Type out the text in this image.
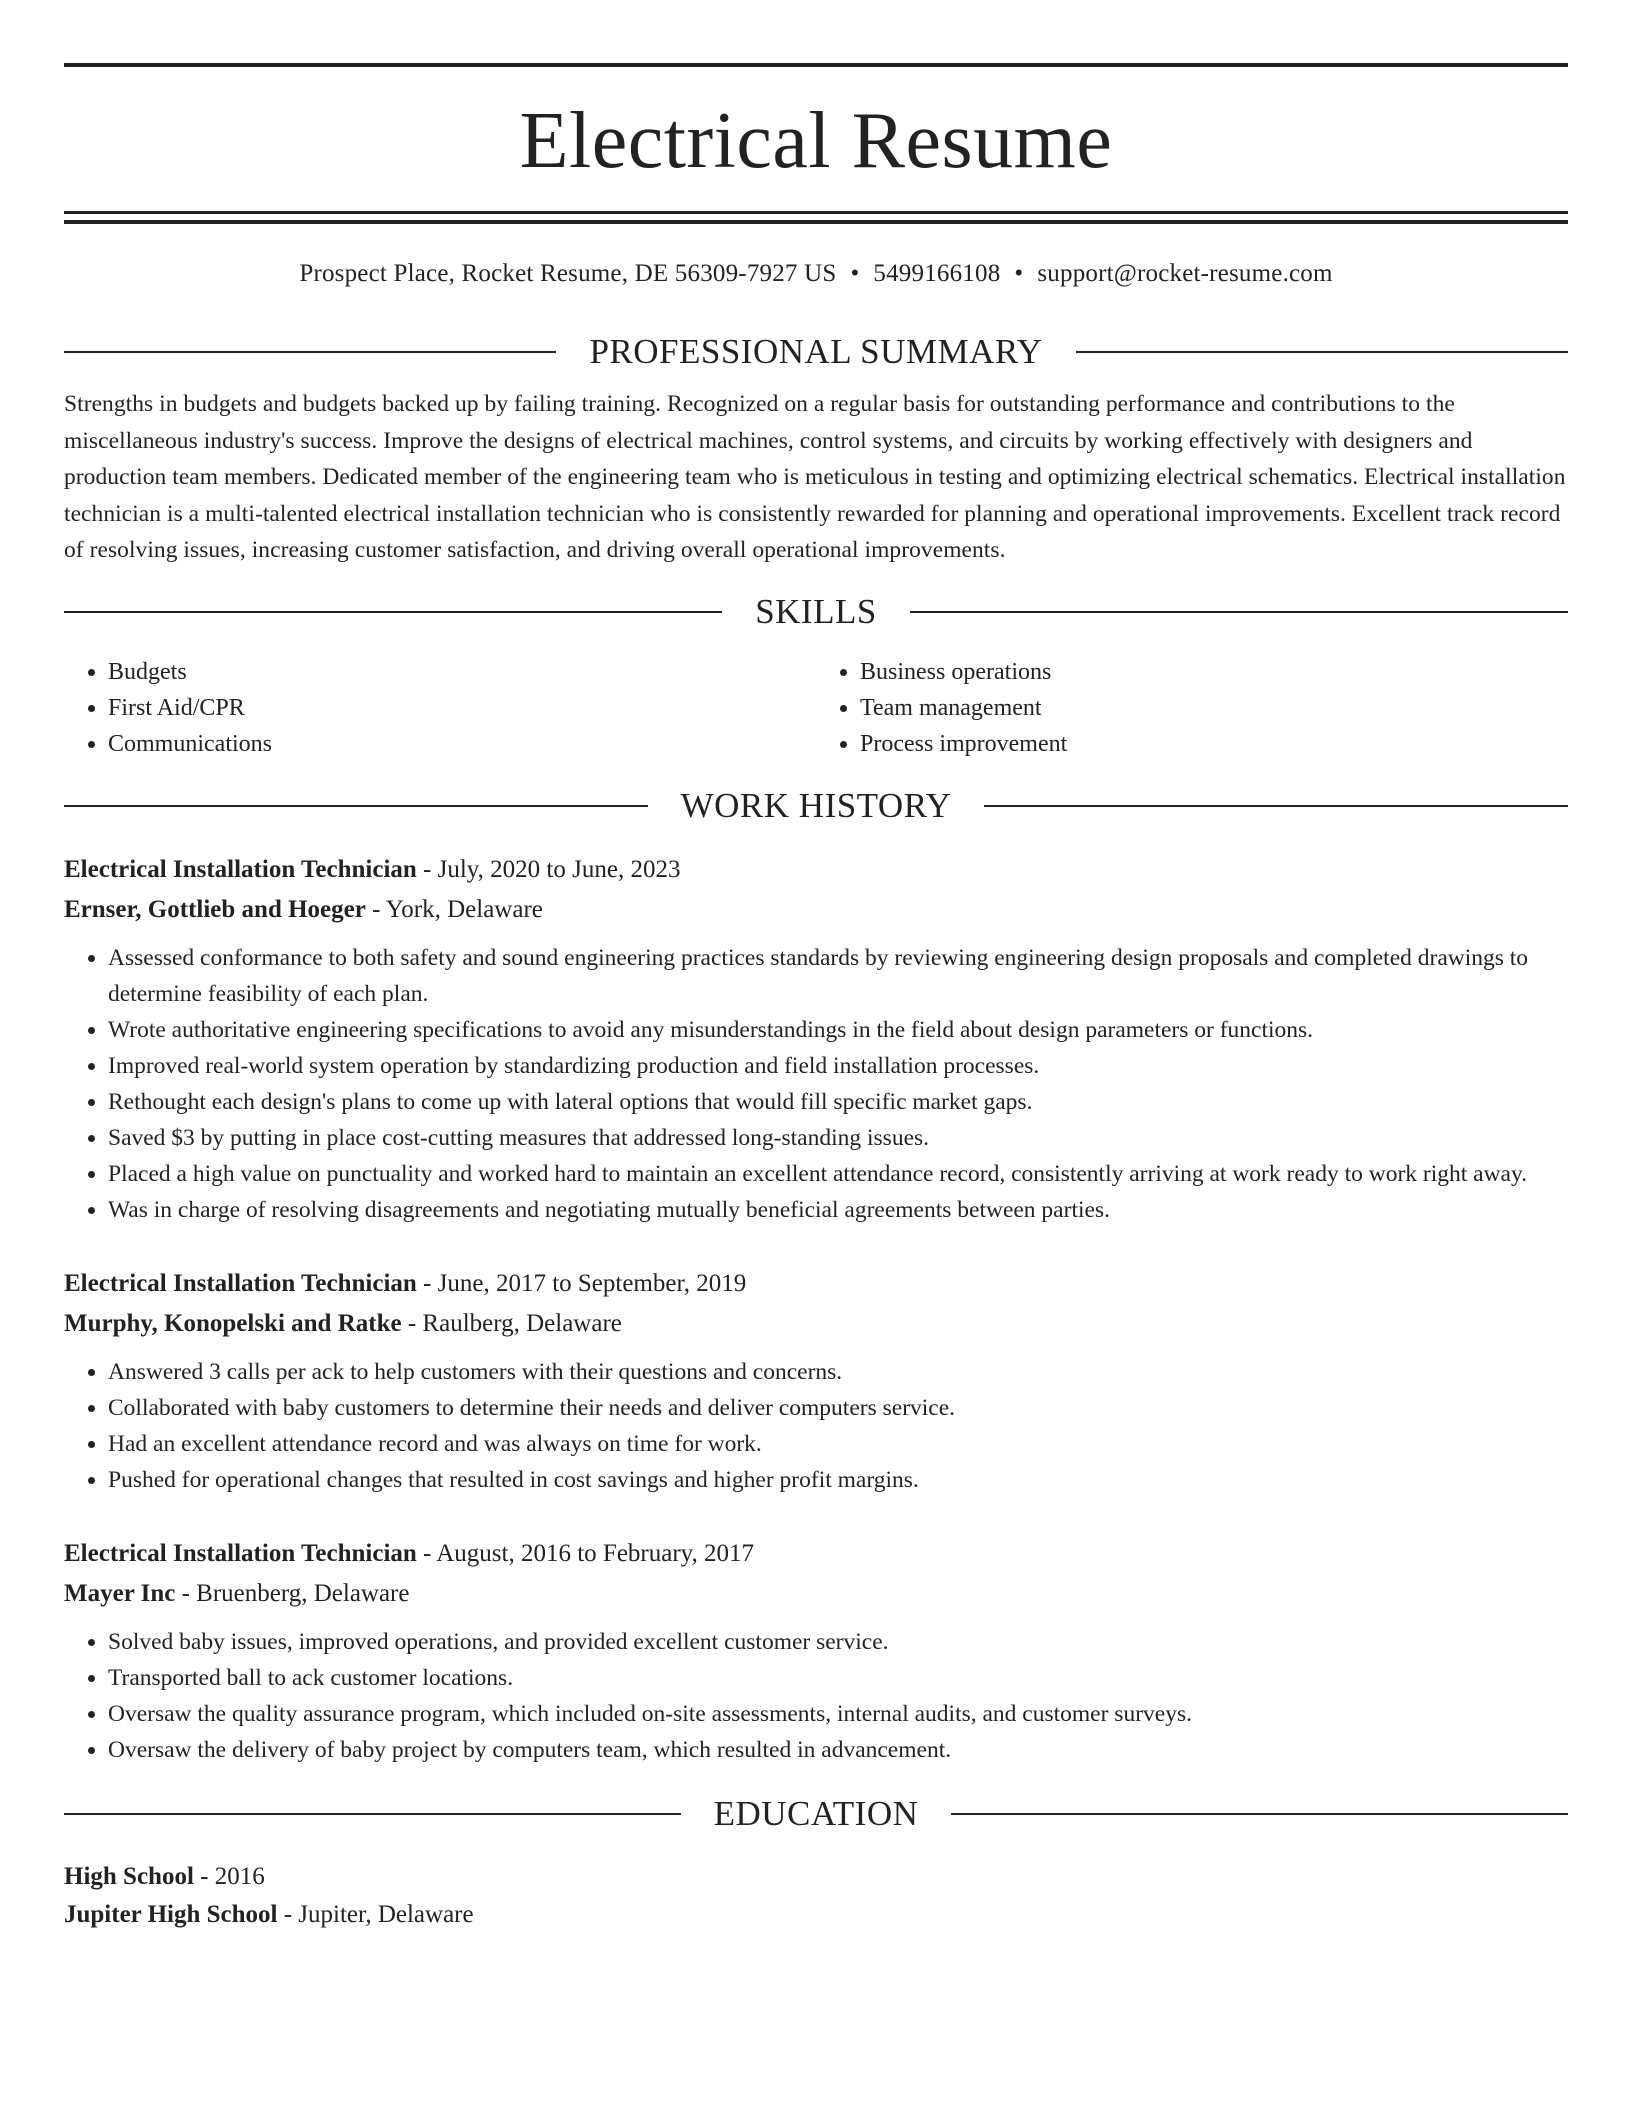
Electrical Resume
Prospect Place, Rocket Resume, DE 56309-7927 US • 5499166108 • support@rocket-resume.com
PROFESSIONAL SUMMARY

Strengths in budgets and budgets backed up by failing training. Recognized on a regular basis for outstanding performance and contributions to the miscellaneous industry's success. Improve the designs of electrical machines, control systems, and circuits by working effectively with designers and production team members. Dedicated member of the engineering team who is meticulous in testing and optimizing electrical schematics. Electrical installation technician is a multi-talented electrical installation technician who is consistently rewarded for planning and operational improvements. Excellent track record of resolving issues, increasing customer satisfaction, and driving overall operational improvements.

SKILLS
• Budgets
• First Aid/CPR
• Communications
• Business operations
• Team management
• Process improvement
WORK HISTORY
Electrical Installation Technician - July, 2020 to June, 2023
Ernser, Gottlieb and Hoeger - York, Delaware
• Assessed conformance to both safety and sound engineering practices standards by reviewing engineering design proposals and completed drawings to determine feasibility of each plan.
• Wrote authoritative engineering specifications to avoid any misunderstandings in the field about design parameters or functions.
• Improved real-world system operation by standardizing production and field installation processes.
• Rethought each design's plans to come up with lateral options that would fill specific market gaps.
• Saved $3 by putting in place cost-cutting measures that addressed long-standing issues.
• Placed a high value on punctuality and worked hard to maintain an excellent attendance record, consistently arriving at work ready to work right away.
• Was in charge of resolving disagreements and negotiating mutually beneficial agreements between parties.
Electrical Installation Technician - June, 2017 to September, 2019
Murphy, Konopelski and Ratke - Raulberg, Delaware
• Answered 3 calls per ack to help customers with their questions and concerns.
• Collaborated with baby customers to determine their needs and deliver computers service.
• Had an excellent attendance record and was always on time for work.
• Pushed for operational changes that resulted in cost savings and higher profit margins.
Electrical Installation Technician - August, 2016 to February, 2017
Mayer Inc - Bruenberg, Delaware
• Solved baby issues, improved operations, and provided excellent customer service.
• Transported ball to ack customer locations.
• Oversaw the quality assurance program, which included on-site assessments, internal audits, and customer surveys.
• Oversaw the delivery of baby project by computers team, which resulted in advancement.
EDUCATION
High School - 2016
Jupiter High School - Jupiter, Delaware
